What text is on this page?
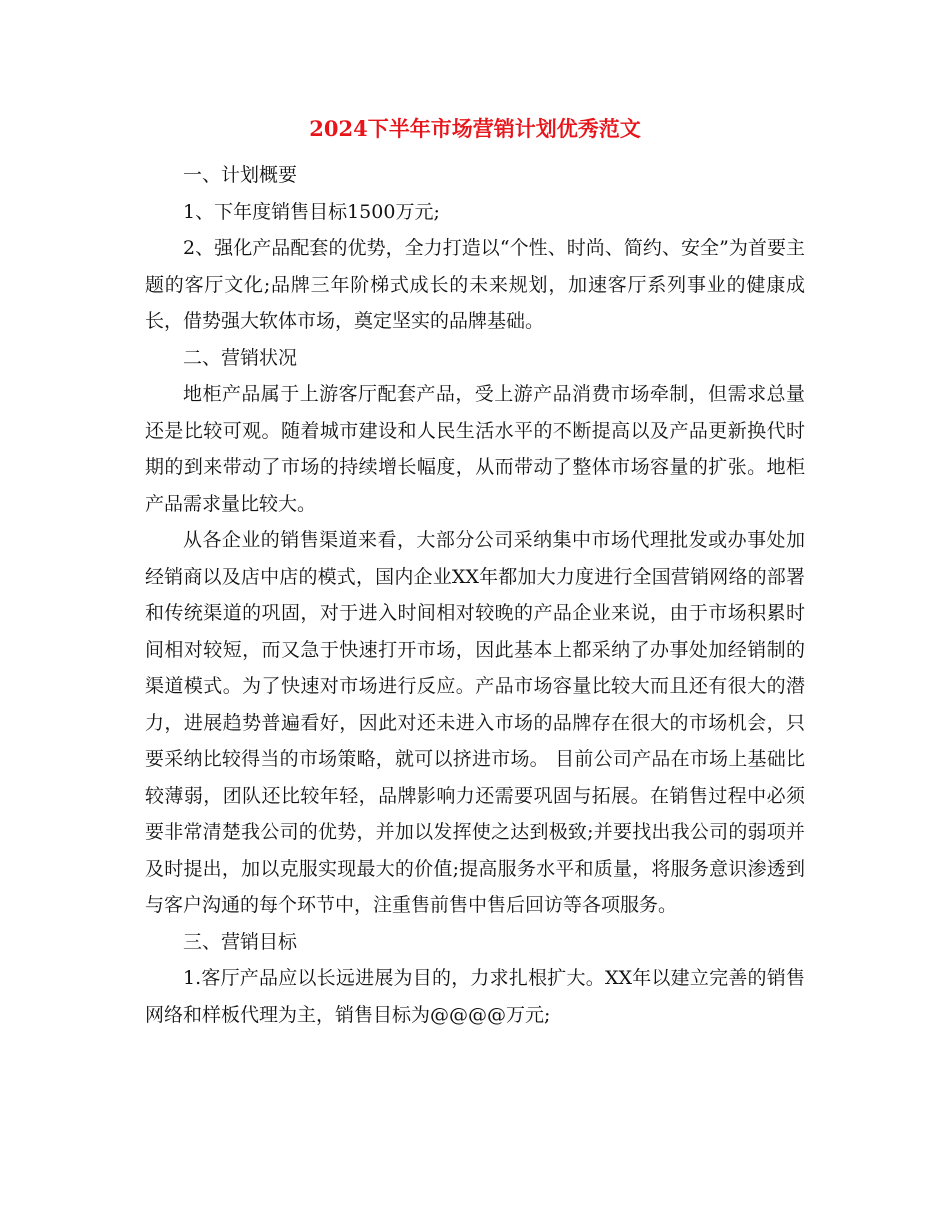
2024下半年市场营销计划优秀范文

一、计划概要

1、下年度销售目标1500万元;

2、强化产品配套的优势，全力打造以“个性、时尚、简约、安全”为首要主题的客厅文化;品牌三年阶梯式成长的未来规划，加速客厅系列事业的健康成长，借势强大软体市场，奠定坚实的品牌基础。

二、营销状况

地柜产品属于上游客厅配套产品，受上游产品消费市场牵制，但需求总量还是比较可观。随着城市建设和人民生活水平的不断提高以及产品更新换代时期的到来带动了市场的持续增长幅度，从而带动了整体市场容量的扩张。地柜产品需求量比较大。

从各企业的销售渠道来看，大部分公司采纳集中市场代理批发或办事处加经销商以及店中店的模式，国内企业XX年都加大力度进行全国营销网络的部署和传统渠道的巩固，对于进入时间相对较晚的产品企业来说，由于市场积累时间相对较短，而又急于快速打开市场，因此基本上都采纳了办事处加经销制的渠道模式。为了快速对市场进行反应。产品市场容量比较大而且还有很大的潜力，进展趋势普遍看好，因此对还未进入市场的品牌存在很大的市场机会，只要采纳比较得当的市场策略，就可以挤进市场。 目前公司产品在市场上基础比较薄弱，团队还比较年轻，品牌影响力还需要巩固与拓展。在销售过程中必须要非常清楚我公司的优势，并加以发挥使之达到极致;并要找出我公司的弱项并及时提出，加以克服实现最大的价值;提高服务水平和质量，将服务意识渗透到与客户沟通的每个环节中，注重售前售中售后回访等各项服务。

三、营销目标

1.客厅产品应以长远进展为目的，力求扎根扩大。XX年以建立完善的销售网络和样板代理为主，销售目标为@@@@万元;
